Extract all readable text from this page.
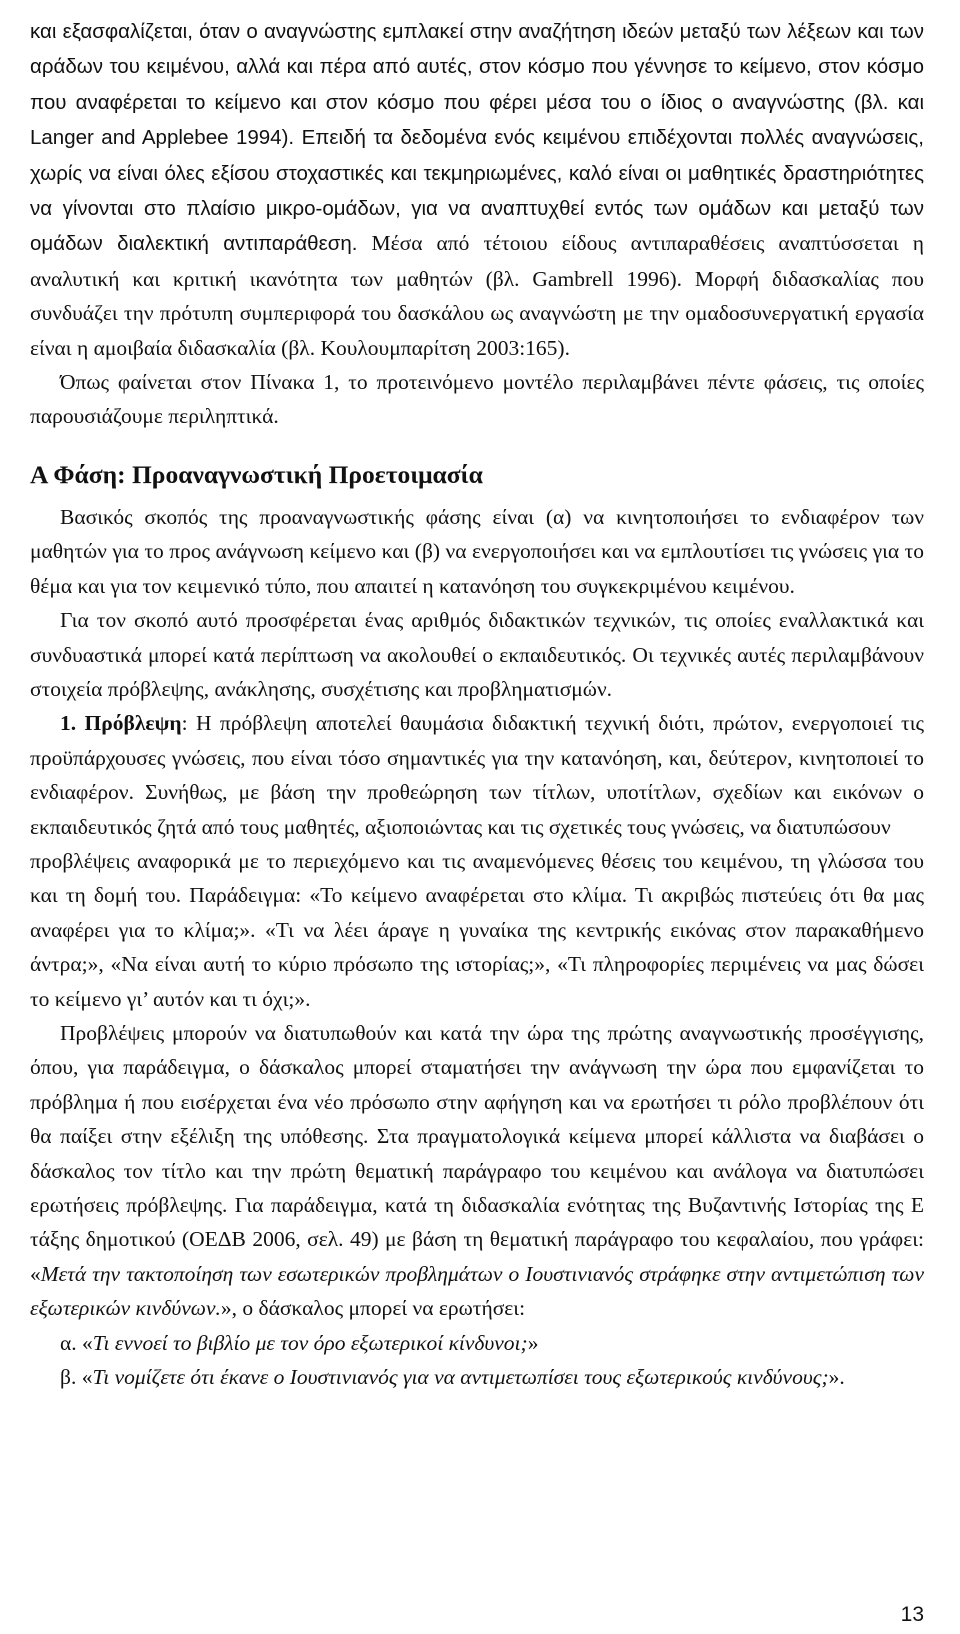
και εξασφαλίζεται, όταν ο αναγνώστης εμπλακεί στην αναζήτηση ιδεών μεταξύ των λέξεων και των αράδων του κειμένου, αλλά και πέρα από αυτές, στον κόσμο που γέννησε το κείμενο, στον κόσμο που αναφέρεται το κείμενο και στον κόσμο που φέρει μέσα του ο ίδιος ο αναγνώστης (βλ. και Langer and Applebee 1994). Επειδή τα δεδομένα ενός κειμένου επιδέχονται πολλές αναγνώσεις, χωρίς να είναι όλες εξίσου στοχαστικές και τεκμηριωμένες, καλό είναι οι μαθητικές δραστηριότητες να γίνονται στο πλαίσιο μικρο-ομάδων, για να αναπτυχθεί εντός των ομάδων και μεταξύ των ομάδων διαλεκτική αντιπαράθεση. Μέσα από τέτοιου είδους αντιπαραθέσεις αναπτύσσεται η αναλυτική και κριτική ικανότητα των μαθητών (βλ. Gambrell 1996). Μορφή διδασκαλίας που συνδυάζει την πρότυπη συμπεριφορά του δασκάλου ως αναγνώστη με την ομαδοσυνεργατική εργασία είναι η αμοιβαία διδασκαλία (βλ. Κουλουμπαρίτση 2003:165).

Όπως φαίνεται στον Πίνακα 1, το προτεινόμενο μοντέλο περιλαμβάνει πέντε φάσεις, τις οποίες παρουσιάζουμε περιληπτικά.

Α Φάση: Προαναγνωστική Προετοιμασία

Βασικός σκοπός της προαναγνωστικής φάσης είναι (α) να κινητοποιήσει το ενδιαφέρον των μαθητών για το προς ανάγνωση κείμενο και (β) να ενεργοποιήσει και να εμπλουτίσει τις γνώσεις για το θέμα και για τον κειμενικό τύπο, που απαιτεί η κατανόηση του συγκεκριμένου κειμένου.

Για τον σκοπό αυτό προσφέρεται ένας αριθμός διδακτικών τεχνικών, τις οποίες εναλλακτικά και συνδυαστικά μπορεί κατά περίπτωση να ακολουθεί ο εκπαιδευτικός. Οι τεχνικές αυτές περιλαμβάνουν στοιχεία πρόβλεψης, ανάκλησης, συσχέτισης και προβληματισμών.

1. Πρόβλεψη: Η πρόβλεψη αποτελεί θαυμάσια διδακτική τεχνική διότι, πρώτον, ενεργοποιεί τις προϋπάρχουσες γνώσεις, που είναι τόσο σημαντικές για την κατανόηση, και, δεύτερον, κινητοποιεί το ενδιαφέρον. Συνήθως, με βάση την προθεώρηση των τίτλων, υποτίτλων, σχεδίων και εικόνων ο εκπαιδευτικός ζητά από τους μαθητές, αξιοποιώντας και τις σχετικές τους γνώσεις, να διατυπώσουν

προβλέψεις αναφορικά με το περιεχόμενο και τις αναμενόμενες θέσεις του κειμένου, τη γλώσσα του και τη δομή του. Παράδειγμα: «Το κείμενο αναφέρεται στο κλίμα. Τι ακριβώς πιστεύεις ότι θα μας αναφέρει για το κλίμα;». «Τι να λέει άραγε η γυναίκα της κεντρικής εικόνας στον παρακαθήμενο άντρα;», «Να είναι αυτή το κύριο πρόσωπο της ιστορίας;», «Τι πληροφορίες περιμένεις να μας δώσει το κείμενο γι’ αυτόν και τι όχι;».

Προβλέψεις μπορούν να διατυπωθούν και κατά την ώρα της πρώτης αναγνωστικής προσέγγισης, όπου, για παράδειγμα, ο δάσκαλος μπορεί σταματήσει την ανάγνωση την ώρα που εμφανίζεται το πρόβλημα ή που εισέρχεται ένα νέο πρόσωπο στην αφήγηση και να ερωτήσει τι ρόλο προβλέπουν ότι θα παίξει στην εξέλιξη της υπόθεσης. Στα πραγματολογικά κείμενα μπορεί κάλλιστα να διαβάσει ο δάσκαλος τον τίτλο και την πρώτη θεματική παράγραφο του κειμένου και ανάλογα να διατυπώσει ερωτήσεις πρόβλεψης. Για παράδειγμα, κατά τη διδασκαλία ενότητας της Βυζαντινής Ιστορίας της Ε τάξης δημοτικού (ΟΕΔΒ 2006, σελ. 49) με βάση τη θεματική παράγραφο του κεφαλαίου, που γράφει: «Μετά την τακτοποίηση των εσωτερικών προβλημάτων ο Ιουστινιανός στράφηκε στην αντιμετώπιση των εξωτερικών κινδύνων.», ο δάσκαλος μπορεί να ερωτήσει:

α. «Τι εννοεί το βιβλίο με τον όρο εξωτερικοί κίνδυνοι;»

β. «Τι νομίζετε ότι έκανε ο Ιουστινιανός για να αντιμετωπίσει τους εξωτερικούς κινδύνους;».

13
